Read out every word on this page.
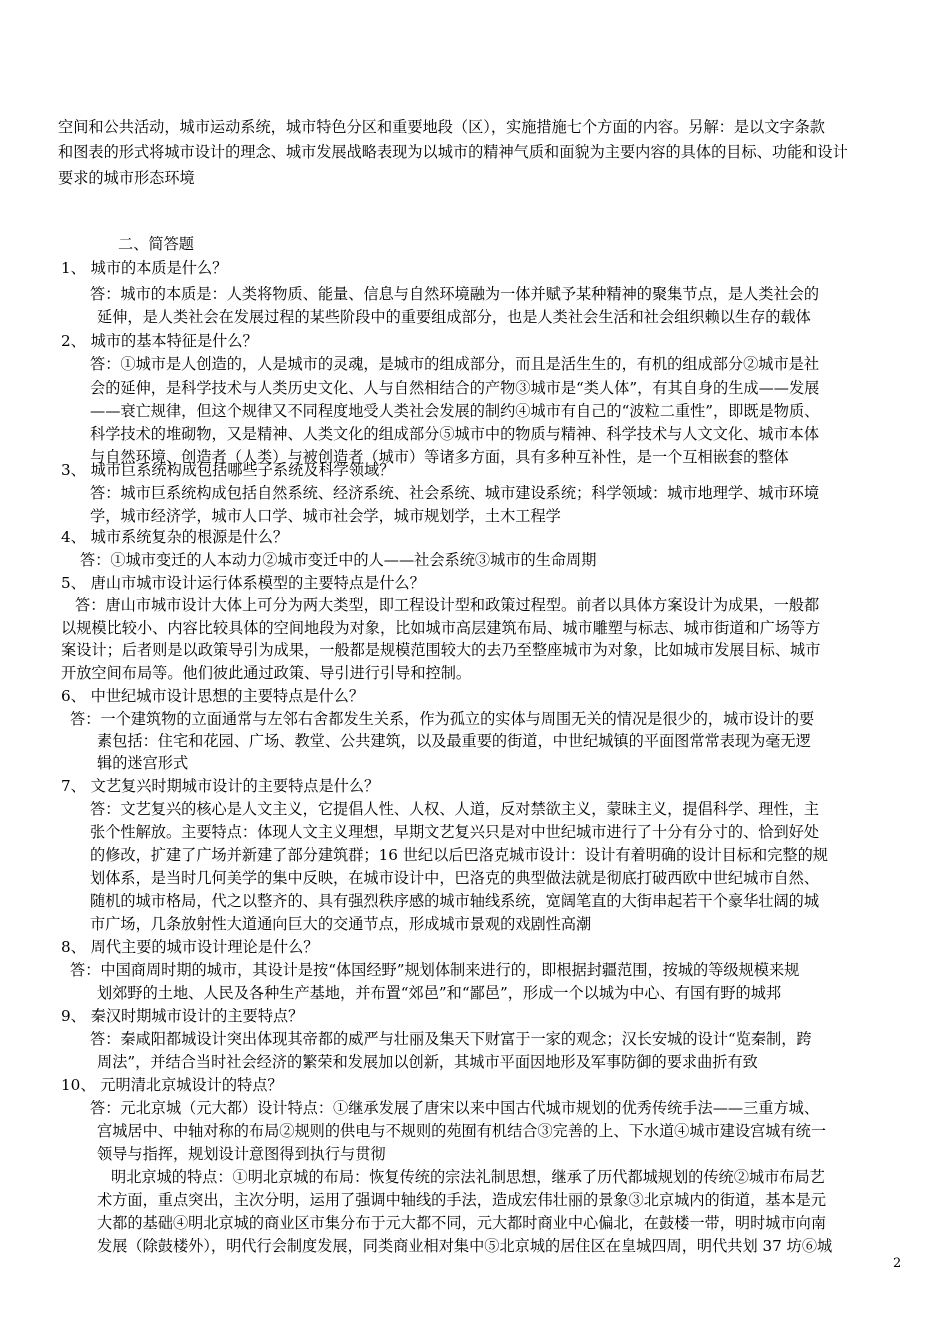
空间和公共活动，城市运动系统，城市特色分区和重要地段（区），实施措施七个方面的内容。另解：是以文字条款
和图表的形式将城市设计的理念、城市发展战略表现为以城市的精神气质和面貌为主要内容的具体的目标、功能和设计
要求的城市形态环境
二、简答题
1、 城市的本质是什么？
答：城市的本质是：人类将物质、能量、信息与自然环境融为一体并赋予某种精神的聚集节点，是人类社会的
延伸，是人类社会在发展过程的某些阶段中的重要组成部分，也是人类社会生活和社会组织赖以生存的载体
2、 城市的基本特征是什么？
答：①城市是人创造的，人是城市的灵魂，是城市的组成部分，而且是活生生的，有机的组成部分②城市是社
会的延伸，是科学技术与人类历史文化、人与自然相结合的产物③城市是“类人体”，有其自身的生成——发展
——衰亡规律，但这个规律又不同程度地受人类社会发展的制约④城市有自己的“波粒二重性”，即既是物质、
科学技术的堆砌物，又是精神、人类文化的组成部分⑤城市中的物质与精神、科学技术与人文文化、城市本体
与自然环境、创造者（人类）与被创造者（城市）等诸多方面，具有多种互补性，是一个互相嵌套的整体
3、 城市巨系统构成包括哪些子系统及科学领域？
答：城市巨系统构成包括自然系统、经济系统、社会系统、城市建设系统；科学领域：城市地理学、城市环境
学，城市经济学，城市人口学、城市社会学，城市规划学，土木工程学
4、 城市系统复杂的根源是什么？
答：①城市变迁的人本动力②城市变迁中的人——社会系统③城市的生命周期
5、 唐山市城市设计运行体系模型的主要特点是什么？
答：唐山市城市设计大体上可分为两大类型，即工程设计型和政策过程型。前者以具体方案设计为成果，一般都
以规模比较小、内容比较具体的空间地段为对象，比如城市高层建筑布局、城市雕塑与标志、城市街道和广场等方
案设计；后者则是以政策导引为成果，一般都是规模范围较大的去乃至整座城市为对象，比如城市发展目标、城市
开放空间布局等。他们彼此通过政策、导引进行引导和控制。
6、 中世纪城市设计思想的主要特点是什么？
答：一个建筑物的立面通常与左邻右舍都发生关系，作为孤立的实体与周围无关的情况是很少的，城市设计的要
素包括：住宅和花园、广场、教堂、公共建筑，以及最重要的街道，中世纪城镇的平面图常常表现为毫无逻
辑的迷宫形式
7、 文艺复兴时期城市设计的主要特点是什么？
答：文艺复兴的核心是人文主义，它提倡人性、人权、人道，反对禁欲主义，蒙昧主义，提倡科学、理性，主
张个性解放。主要特点：体现人文主义理想，早期文艺复兴只是对中世纪城市进行了十分有分寸的、恰到好处
的修改，扩建了广场并新建了部分建筑群；16 世纪以后巴洛克城市设计：设计有着明确的设计目标和完整的规
划体系，是当时几何美学的集中反映，在城市设计中，巴洛克的典型做法就是彻底打破西欧中世纪城市自然、
随机的城市格局，代之以整齐的、具有强烈秩序感的城市轴线系统，宽阔笔直的大街串起若干个豪华壮阔的城
市广场，几条放射性大道通向巨大的交通节点，形成城市景观的戏剧性高潮
8、 周代主要的城市设计理论是什么？
答：中国商周时期的城市，其设计是按“体国经野”规划体制来进行的，即根据封疆范围，按城的等级规模来规
划郊野的土地、人民及各种生产基地，并布置“郊邑”和“鄙邑”，形成一个以城为中心、有国有野的城邦
9、 秦汉时期城市设计的主要特点？
答：秦咸阳都城设计突出体现其帝都的威严与壮丽及集天下财富于一家的观念；汉长安城的设计“览秦制，跨
周法”，并结合当时社会经济的繁荣和发展加以创新，其城市平面因地形及军事防御的要求曲折有致
10、 元明清北京城设计的特点？
答：元北京城（元大都）设计特点：①继承发展了唐宋以来中国古代城市规划的优秀传统手法——三重方城、
宫城居中、中轴对称的布局②规则的供电与不规则的苑囿有机结合③完善的上、下水道④城市建设宫城有统一
领导与指挥，规划设计意图得到执行与贯彻
明北京城的特点：①明北京城的布局：恢复传统的宗法礼制思想，继承了历代都城规划的传统②城市布局艺
术方面，重点突出，主次分明，运用了强调中轴线的手法，造成宏伟壮丽的景象③北京城内的街道，基本是元
大都的基础④明北京城的商业区市集分布于元大都不同，元大都时商业中心偏北，在鼓楼一带，明时城市向南
发展（除鼓楼外），明代行会制度发展，同类商业相对集中⑤北京城的居住区在皇城四周，明代共划 37 坊⑥城
2
